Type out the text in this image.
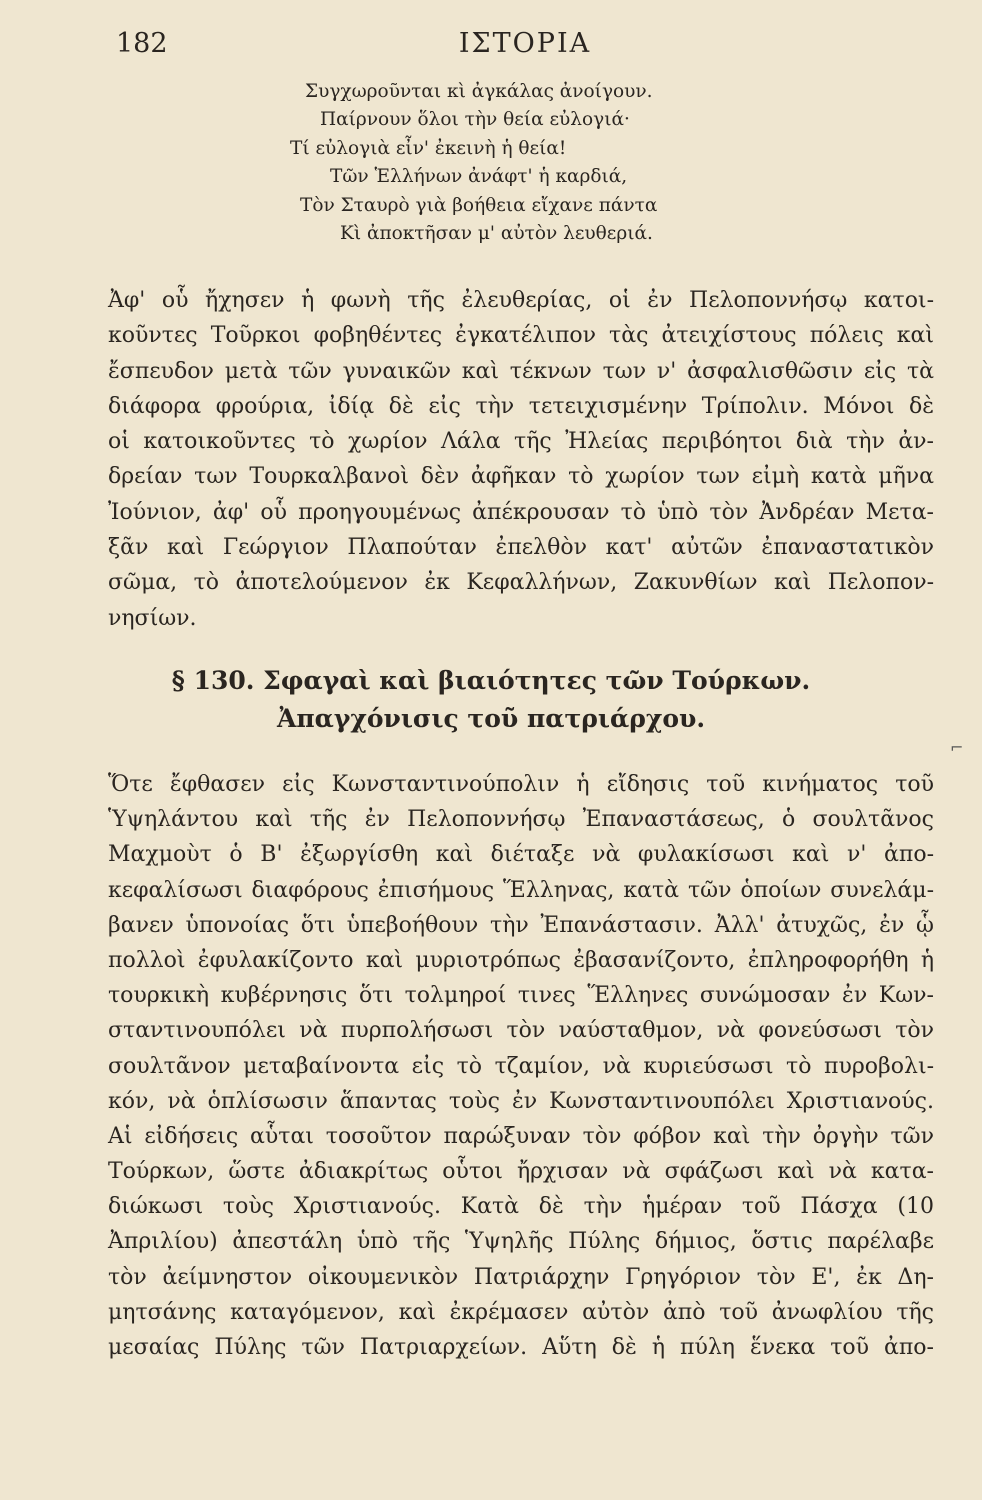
182	ΙΣΤΟΡΙΑ
Συγχωροῦνται κὶ ἀγκάλας ἀνοίγουν.
Παίρνουν ὅλοι τὴν θεία εὐλογιά·
Τί εὐλογιὰ εἶν' ἐκεινὴ ἡ θεία!
Τῶν Ἑλλήνων ἀνάφτ' ἡ καρδιά,
Τὸν Σταυρὸ γιὰ βοήθεια εἴχανε πάντα
Κὶ ἀποκτῆσαν μ' αὐτὸν λευθεριά.
Ἀφ' οὗ ἤχησεν ἡ φωνὴ τῆς ἐλευθερίας, οἱ ἐν Πελοποννήσῳ κατοι-
κοῦντες Τοῦρκοι φοβηθέντες ἐγκατέλιπον τὰς ἀτειχίστους πόλεις καὶ
ἔσπευδον μετὰ τῶν γυναικῶν καὶ τέκνων των ν' ἀσφαλισθῶσιν εἰς τὰ
διάφορα φρούρια, ἰδίᾳ δὲ εἰς τὴν τετειχισμένην Τρίπολιν. Μόνοι δὲ
οἱ κατοικοῦντες τὸ χωρίον Λάλα τῆς Ἠλείας περιβόητοι διὰ τὴν ἀν-
δρείαν των Τουρκαλβανοὶ δὲν ἀφῆκαν τὸ χωρίον των εἰμὴ κατὰ μῆνα
Ἰούνιον, ἀφ' οὗ προηγουμένως ἀπέκρουσαν τὸ ὑπὸ τὸν Ἀνδρέαν Μετα-
ξᾶν καὶ Γεώργιον Πλαπούταν ἐπελθὸν κατ' αὐτῶν ἐπαναστατικὸν
σῶμα, τὸ ἀποτελούμενον ἐκ Κεφαλλήνων, Ζακυνθίων καὶ Πελοπον-
νησίων.
§ 130. Σφαγαὶ καὶ βιαιότητες τῶν Τούρκων.
Ἀπαγχόνισις τοῦ πατριάρχου.
⌐
Ὅτε ἔφθασεν εἰς Κωνσταντινούπολιν ἡ εἴδησις τοῦ κινήματος τοῦ
Ὑψηλάντου καὶ τῆς ἐν Πελοποννήσῳ Ἐπαναστάσεως, ὁ σουλτᾶνος
Μαχμοὺτ ὁ Β' ἐξωργίσθη καὶ διέταξε νὰ φυλακίσωσι καὶ ν' ἀπο-
κεφαλίσωσι διαφόρους ἐπισήμους Ἕλληνας, κατὰ τῶν ὁποίων συνελάμ-
βανεν ὑπονοίας ὅτι ὑπεβοήθουν τὴν Ἐπανάστασιν. Ἀλλ' ἀτυχῶς, ἐν ᾧ
πολλοὶ ἐφυλακίζοντο καὶ μυριοτρόπως ἐβασανίζοντο, ἐπληροφορήθη ἡ
τουρκικὴ κυβέρνησις ὅτι τολμηροί τινες Ἕλληνες συνώμοσαν ἐν Κων-
σταντινουπόλει νὰ πυρπολήσωσι τὸν ναύσταθμον, νὰ φονεύσωσι τὸν
σουλτᾶνον μεταβαίνοντα εἰς τὸ τζαμίον, νὰ κυριεύσωσι τὸ πυροβολι-
κόν, νὰ ὁπλίσωσιν ἅπαντας τοὺς ἐν Κωνσταντινουπόλει Χριστιανούς.
Αἱ εἰδήσεις αὗται τοσοῦτον παρώξυναν τὸν φόβον καὶ τὴν ὀργὴν τῶν
Τούρκων, ὥστε ἀδιακρίτως οὗτοι ἤρχισαν νὰ σφάζωσι καὶ νὰ κατα-
διώκωσι τοὺς Χριστιανούς. Κατὰ δὲ τὴν ἡμέραν τοῦ Πάσχα (10
Ἀπριλίου) ἀπεστάλη ὑπὸ τῆς Ὑψηλῆς Πύλης δήμιος, ὅστις παρέλαβε
τὸν ἀείμνηστον οἰκουμενικὸν Πατριάρχην Γρηγόριον τὸν Ε', ἐκ Δη-
μητσάνης καταγόμενον, καὶ ἐκρέμασεν αὐτὸν ἀπὸ τοῦ ἀνωφλίου τῆς
μεσαίας Πύλης τῶν Πατριαρχείων. Αὕτη δὲ ἡ πύλη ἕνεκα τοῦ ἀπο-
